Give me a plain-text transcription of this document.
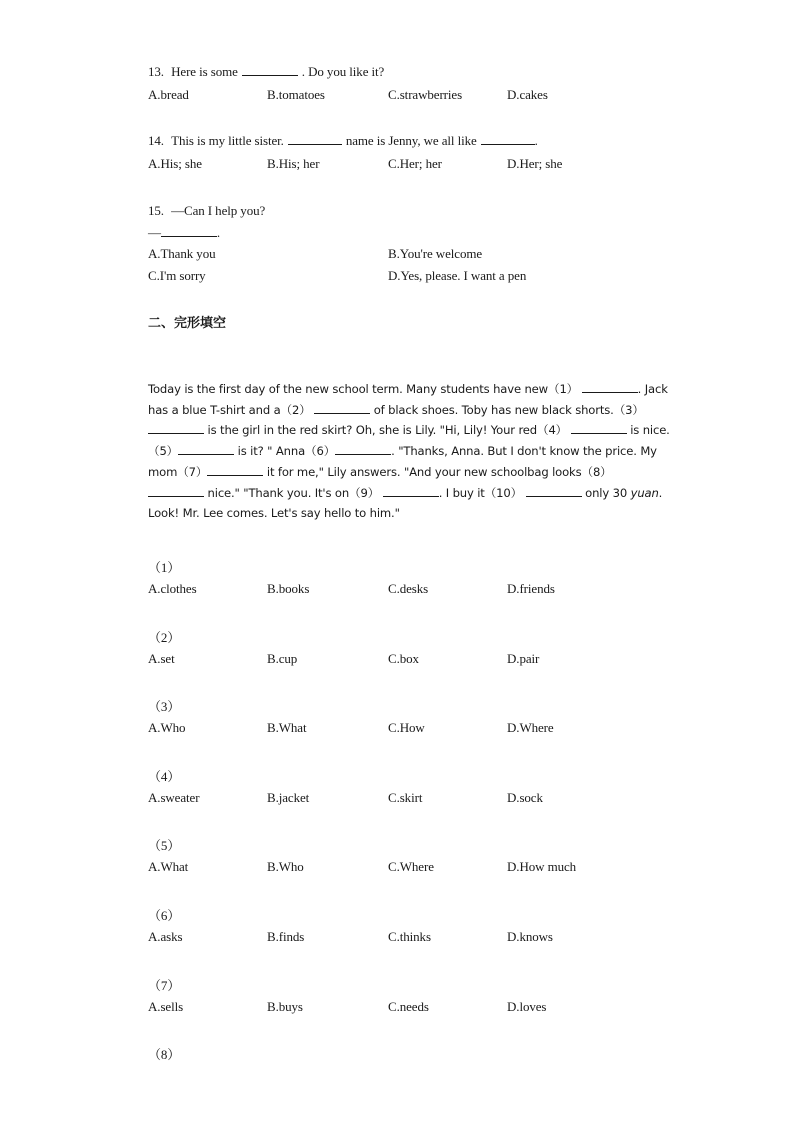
13. Here is some	. Do you like it?
A.bread	B.tomatoes	C.strawberries	D.cakes
14. This is my little sister.	name is Jenny, we all like	.
A.His; she	B.His; her	C.Her; her	D.Her; she
15. —Can I help you?
—	.
A.Thank you	B.You're welcome
C.I'm sorry	D.Yes, please. I want a pen
二、完形填空
Today is the first day of the new school term. Many students have new（1）	. Jack
has a blue T-shirt and a（2）	of black shoes. Toby has new black shorts.（3）
is the girl in the red skirt? Oh, she is Lily. "Hi, Lily! Your red（4）	is nice.
（5）	is it? " Anna（6）	. "Thanks, Anna. But I don't know the price. My
mom（7）	it for me," Lily answers. "And your new schoolbag looks（8）
nice." "Thank you. It's on（9）	. I buy it（10）	only 30 yuan.
Look! Mr. Lee comes. Let's say hello to him."
（1）
A.clothes	B.books	C.desks	D.friends
（2）
A.set	B.cup	C.box	D.pair
（3）
A.Who	B.What	C.How	D.Where
（4）
A.sweater	B.jacket	C.skirt	D.sock
（5）
A.What	B.Who	C.Where	D.How much
（6）
A.asks	B.finds	C.thinks	D.knows
（7）
A.sells	B.buys	C.needs	D.loves
（8）
